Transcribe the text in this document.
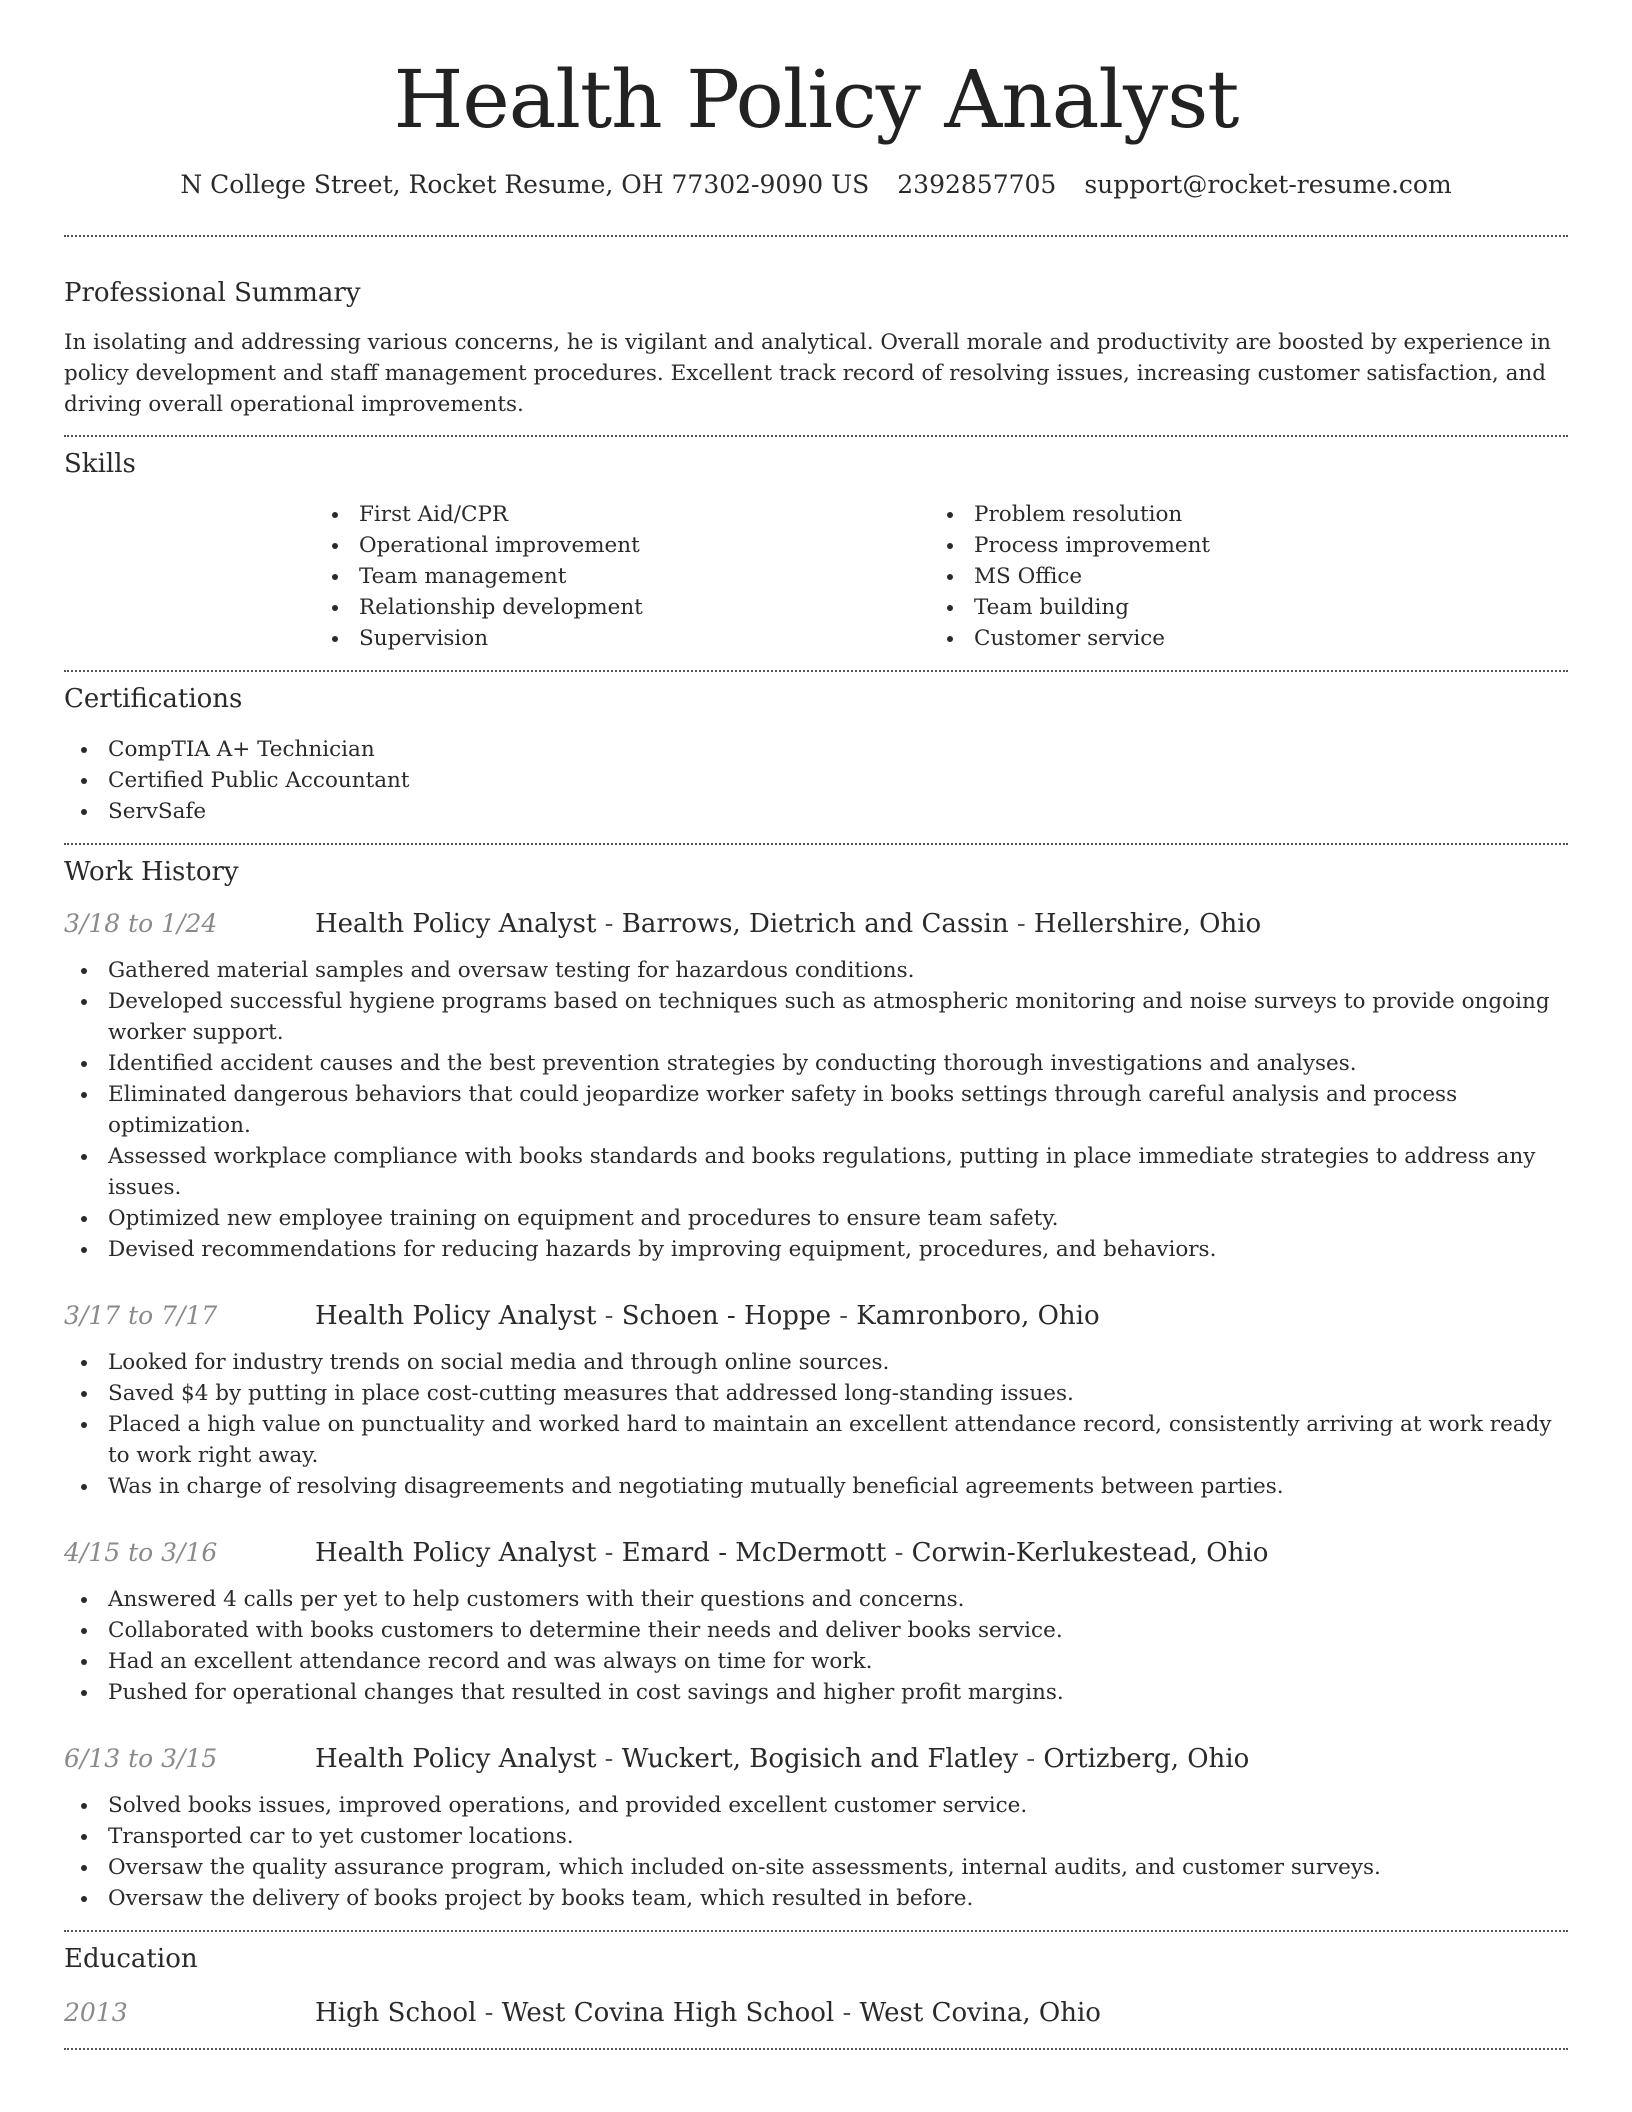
Health Policy Analyst
N College Street, Rocket Resume, OH 77302-9090 US 2392857705 support@rocket-resume.com
Professional Summary

In isolating and addressing various concerns, he is vigilant and analytical. Overall morale and productivity are boosted by experience in policy development and staff management procedures. Excellent track record of resolving issues, increasing customer satisfaction, and driving overall operational improvements.

Skills
First Aid/CPR
Operational improvement
Team management
Relationship development
Supervision
Problem resolution
Process improvement
MS Office
Team building
Customer service
Certifications
CompTIA A+ Technician
Certified Public Accountant
ServSafe
Work History
3/18 to 1/24	Health Policy Analyst - Barrows, Dietrich and Cassin - Hellershire, Ohio
Gathered material samples and oversaw testing for hazardous conditions.
Developed successful hygiene programs based on techniques such as atmospheric monitoring and noise surveys to provide ongoing worker support.
Identified accident causes and the best prevention strategies by conducting thorough investigations and analyses.
Eliminated dangerous behaviors that could jeopardize worker safety in books settings through careful analysis and process optimization.
Assessed workplace compliance with books standards and books regulations, putting in place immediate strategies to address any issues.
Optimized new employee training on equipment and procedures to ensure team safety.
Devised recommendations for reducing hazards by improving equipment, procedures, and behaviors.
3/17 to 7/17	Health Policy Analyst - Schoen - Hoppe - Kamronboro, Ohio
Looked for industry trends on social media and through online sources.
Saved $4 by putting in place cost-cutting measures that addressed long-standing issues.
Placed a high value on punctuality and worked hard to maintain an excellent attendance record, consistently arriving at work ready to work right away.
Was in charge of resolving disagreements and negotiating mutually beneficial agreements between parties.
4/15 to 3/16	Health Policy Analyst - Emard - McDermott - Corwin-Kerlukestead, Ohio
Answered 4 calls per yet to help customers with their questions and concerns.
Collaborated with books customers to determine their needs and deliver books service.
Had an excellent attendance record and was always on time for work.
Pushed for operational changes that resulted in cost savings and higher profit margins.
6/13 to 3/15	Health Policy Analyst - Wuckert, Bogisich and Flatley - Ortizberg, Ohio
Solved books issues, improved operations, and provided excellent customer service.
Transported car to yet customer locations.
Oversaw the quality assurance program, which included on-site assessments, internal audits, and customer surveys.
Oversaw the delivery of books project by books team, which resulted in before.
Education
2013	High School - West Covina High School - West Covina, Ohio
